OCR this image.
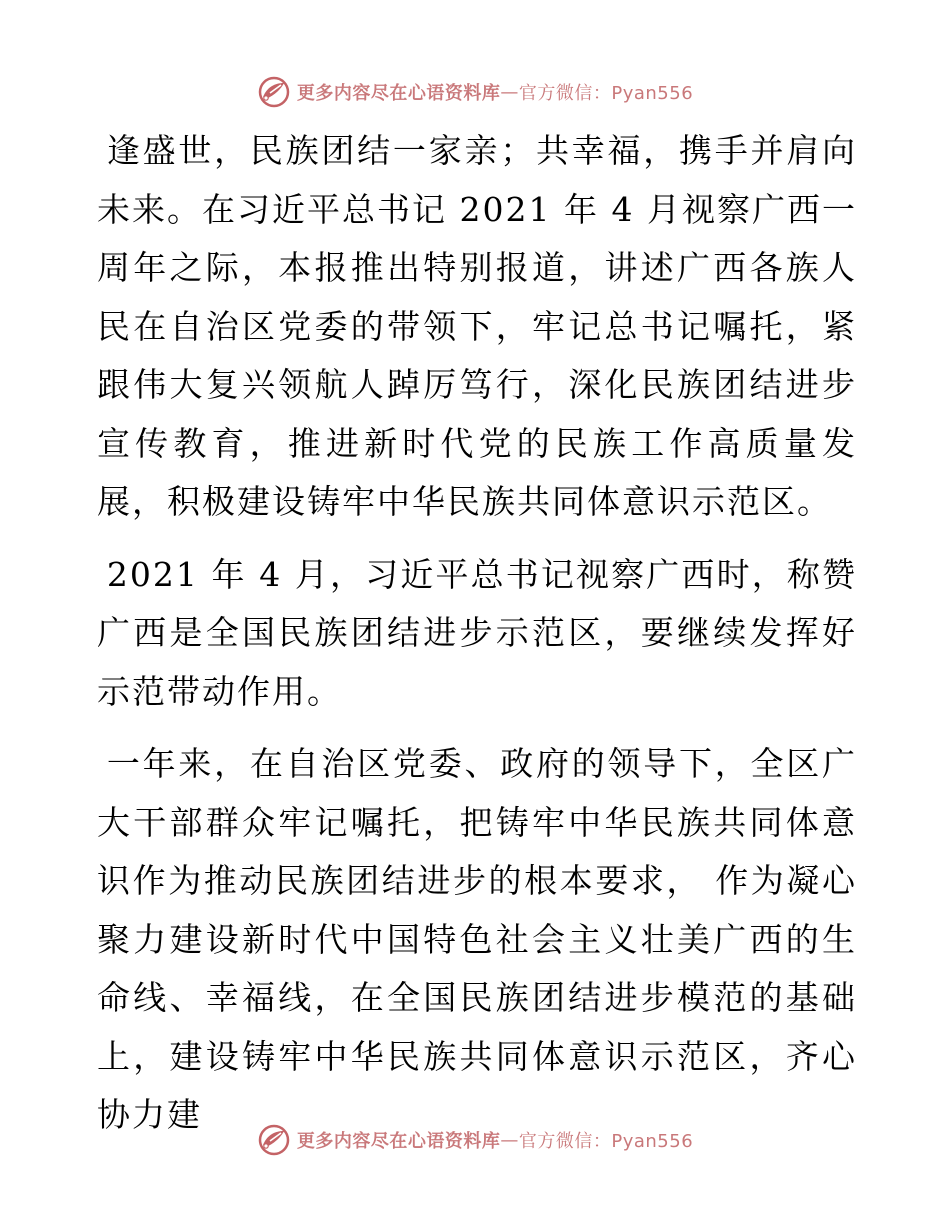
更多内容尽在心语资料库 — 官方微信：Pyan556

逢盛世，民族团结一家亲；共幸福，携手并肩向未来。在习近平总书记 2021 年 4 月视察广西一周年之际，本报推出特别报道，讲述广西各族人民在自治区党委的带领下，牢记总书记嘱托，紧跟伟大复兴领航人踔厉笃行，深化民族团结进步宣传教育，推进新时代党的民族工作高质量发展，积极建设铸牢中华民族共同体意识示范区。

2021 年 4 月，习近平总书记视察广西时，称赞广西是全国民族团结进步示范区，要继续发挥好示范带动作用。

一年来，在自治区党委、政府的领导下，全区广大干部群众牢记嘱托，把铸牢中华民族共同体意识作为推动民族团结进步的根本要求， 作为凝心聚力建设新时代中国特色社会主义壮美广西的生命线、幸福线，在全国民族团结进步模范的基础上，建设铸牢中华民族共同体意识示范区，齐心协力建

更多内容尽在心语资料库 — 官方微信：Pyan556
